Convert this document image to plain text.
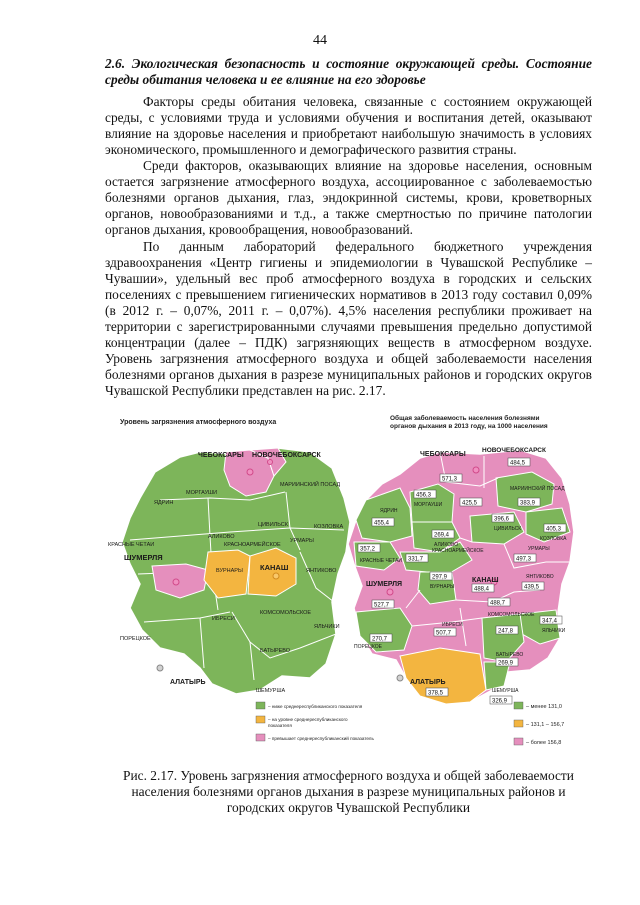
44
2.6. Экологическая безопасность и состояние окружающей среды. Состояние среды обитания человека и ее влияние на его здоровье
Факторы среды обитания человека, связанные с состоянием окружающей среды, с условиями труда и условиями обучения и воспитания детей, оказывают влияние на здоровье населения и приобретают наибольшую значимость в условиях экономического, промышленного и демографического развития страны.
Среди факторов, оказывающих влияние на здоровье населения, основным остается загрязнение атмосферного воздуха, ассоциированное с заболеваемостью болезнями органов дыхания, глаз, эндокринной системы, крови, кроветворных органов, новообразованиями и т.д., а также смертностью по причине патологии органов дыхания, кровообращения, новообразований.
По данным лабораторий федерального бюджетного учреждения здравоохранения «Центр гигиены и эпидемиологии в Чувашской Республике – Чувашии», удельный вес проб атмосферного воздуха в городских и сельских поселениях с превышением гигиенических нормативов в 2013 году составил 0,09% (в 2012 г. – 0,07%, 2011 г. – 0,07%). 4,5% населения республики проживает на территории с зарегистрированными случаями превышения предельно допустимой концентрации (далее – ПДК) загрязняющих веществ в атмосферном воздухе. Уровень загрязнения атмосферного воздуха и общей заболеваемости населения болезнями органов дыхания в разрезе муниципальных районов и городских округов Чувашской Республики представлен на рис. 2.17.
Уровень загрязнения атмосферного воздуха
ЧЕБОКСАРЫ НОВОЧЕБОКСАРСК
МАРИИНСКИЙ ПОСАД
МОРГАУШИ
ЯДРИН
ЦИВИЛЬСК	КОЗЛОВКА
АЛИКОВО
КРАСНОАРМЕЙСКОЕ
КРАСНЫЕ ЧЕТАИ
УРМАРЫ
ШУМЕРЛЯ
ВУРНАРЫ КАНАШ	ЯНТИКОВО
КОМСОМОЛЬСКОЕ
ИБРЕСИ
ЯЛЬЧИКИ
ПОРЕЦКОЕ
БАТЫРЕВО
АЛАТЫРЬ
ШЕМУРША
– ниже среднереспубликанского показателя
– на уровне среднереспубликанского
показателя
– превышает среднереспубликанский показатель
Общая заболеваемость населения болезнями
органов дыхания в 2013 году, на 1000 населения
484,5
571,3
456,3
425,5	383,9
455,4
396,6
405,3
269,4
357,2
331,7	497,3
297,9
488,4	439,5
527,7	488,7
347,4
507,7	247,8
270,7
269,9
378,5
326,9
ЧЕБОКСАРЫ
НОВОЧЕБОКСАРСК
МАРИИНСКИЙ ПОСАД
МОРГАУШИ
ЯДРИН
ЦИВИЛЬСК
КОЗЛОВКА
АЛИКОВО
КРАСНОАРМЕЙСКОЕ
КРАСНЫЕ ЧЕТАИ
УРМАРЫ
ШУМЕРЛЯ	ВУРНАРЫ
КАНАШ	ЯНТИКОВО
КОМСОМОЛЬСКОЕ
ИБРЕСИ
ЯЛЬЧИКИ
ПОРЕЦКОЕ
БАТЫРЕВО
АЛАТЫРЬ
ШЕМУРША
– менее 131,0
– 131,1 – 156,7
– более 156,8
Рис. 2.17. Уровень загрязнения атмосферного воздуха и общей заболеваемости населения болезнями органов дыхания в разрезе муниципальных районов и городских округов Чувашской Республики
